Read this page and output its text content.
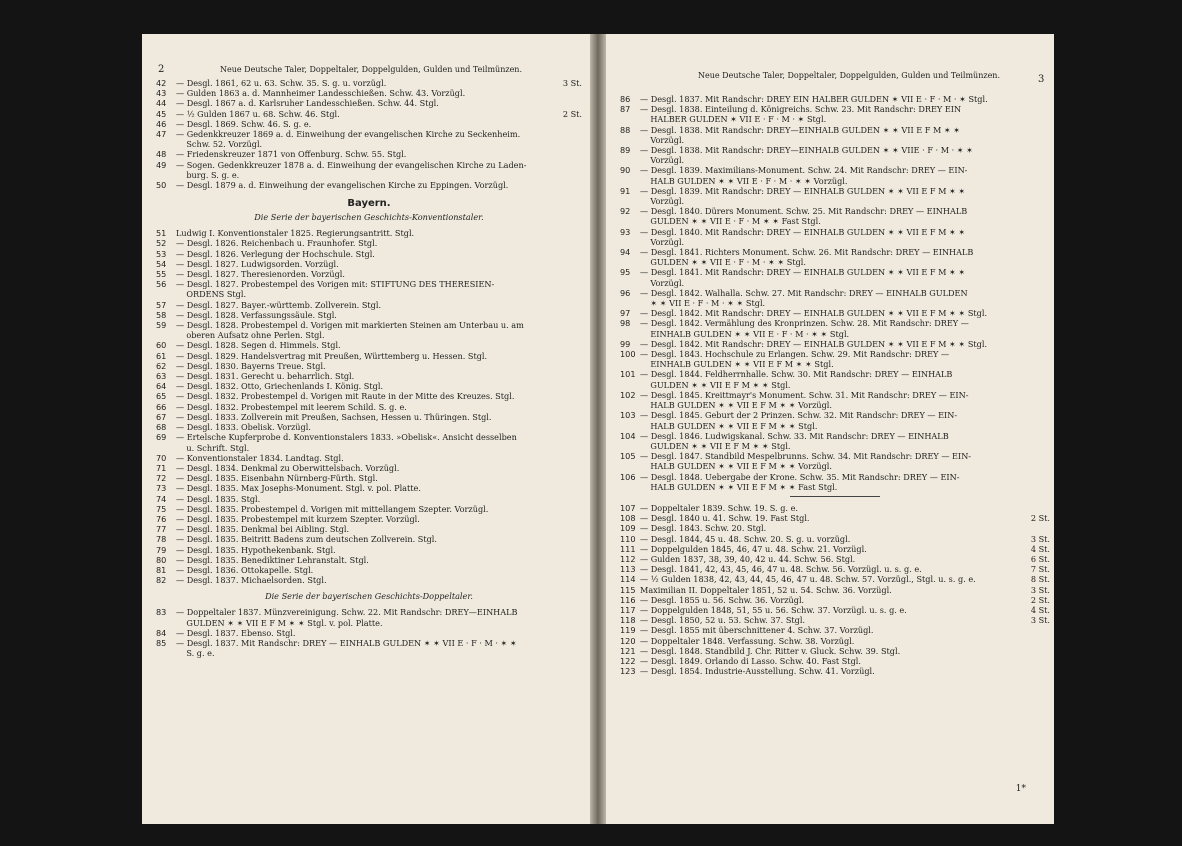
2	Neue Deutsche Taler, Doppeltaler, Doppelgulden, Gulden und Teilmünzen.
42	— Desgl. 1861, 62 u. 63. Schw. 35. S. g. u. vorzügl.	3 St.
43	— Gulden 1863 a. d. Mannheimer Landesschießen. Schw. 43. Vorzügl.
44	— Desgl. 1867 a. d. Karlsruher Landesschießen. Schw. 44. Stgl.
45	— ½ Gulden 1867 u. 68. Schw. 46. Stgl.	2 St.
46	— Desgl. 1869. Schw. 46. S. g. e.
47	— Gedenkkreuzer 1869 a. d. Einweihung der evangelischen Kirche zu Seckenheim.
Schw. 52. Vorzügl.
48	— Friedenskreuzer 1871 von Offenburg. Schw. 55. Stgl.
49	— Sogen. Gedenkkreuzer 1878 a. d. Einweihung der evangelischen Kirche zu Laden-
burg. S. g. e.
50	— Desgl. 1879 a. d. Einweihung der evangelischen Kirche zu Eppingen. Vorzügl.
Bayern.
Die Serie der bayerischen Geschichts-Konventionstaler.
51	Ludwig I. Konventionstaler 1825. Regierungsantritt. Stgl.
52	— Desgl. 1826. Reichenbach u. Fraunhofer. Stgl.
53	— Desgl. 1826. Verlegung der Hochschule. Stgl.
54	— Desgl. 1827. Ludwigsorden. Vorzügl.
55	— Desgl. 1827. Theresienorden. Vorzügl.
56	— Desgl. 1827. Probestempel des Vorigen mit: STIFTUNG DES THERESIEN-
ORDENS Stgl.
57	— Desgl. 1827. Bayer.-württemb. Zollverein. Stgl.
58	— Desgl. 1828. Verfassungssäule. Stgl.
59	— Desgl. 1828. Probestempel d. Vorigen mit markierten Steinen am Unterbau u. am
oberen Aufsatz ohne Perlen. Stgl.
60	— Desgl. 1828. Segen d. Himmels. Stgl.
61	— Desgl. 1829. Handelsvertrag mit Preußen, Württemberg u. Hessen. Stgl.
62	— Desgl. 1830. Bayerns Treue. Stgl.
63	— Desgl. 1831. Gerecht u. beharrlich. Stgl.
64	— Desgl. 1832. Otto, Griechenlands I. König. Stgl.
65	— Desgl. 1832. Probestempel d. Vorigen mit Raute in der Mitte des Kreuzes. Stgl.
66	— Desgl. 1832. Probestempel mit leerem Schild. S. g. e.
67	— Desgl. 1833. Zollverein mit Preußen, Sachsen, Hessen u. Thüringen. Stgl.
68	— Desgl. 1833. Obelisk. Vorzügl.
69	— Ertelsche Kupferprobe d. Konventionstalers 1833. »Obelisk«. Ansicht desselben
u. Schrift. Stgl.
70	— Konventionstaler 1834. Landtag. Stgl.
71	— Desgl. 1834. Denkmal zu Oberwittelsbach. Vorzügl.
72	— Desgl. 1835. Eisenbahn Nürnberg-Fürth. Stgl.
73	— Desgl. 1835. Max Josephs-Monument. Stgl. v. pol. Platte.
74	— Desgl. 1835. Stgl.
75	— Desgl. 1835. Probestempel d. Vorigen mit mittellangem Szepter. Vorzügl.
76	— Desgl. 1835. Probestempel mit kurzem Szepter. Vorzügl.
77	— Desgl. 1835. Denkmal bei Aibling. Stgl.
78	— Desgl. 1835. Beitritt Badens zum deutschen Zollverein. Stgl.
79	— Desgl. 1835. Hypothekenbank. Stgl.
80	— Desgl. 1835. Benediktiner Lehranstalt. Stgl.
81	— Desgl. 1836. Ottokapelle. Stgl.
82	— Desgl. 1837. Michaelsorden. Stgl.
Die Serie der bayerischen Geschichts-Doppeltaler.
83	— Doppeltaler 1837. Münzvereinigung. Schw. 22. Mit Randschr: DREY—EINHALB
GULDEN ✶ ✶ VII E F M ✶ ✶ Stgl. v. pol. Platte.
84	— Desgl. 1837. Ebenso. Stgl.
85	— Desgl. 1837. Mit Randschr: DREY — EINHALB GULDEN ✶ ✶ VII E · F · M · ✶ ✶
S. g. e.
Neue Deutsche Taler, Doppeltaler, Doppelgulden, Gulden und Teilmünzen.	3
86	— Desgl. 1837. Mit Randschr: DREY EIN HALBER GULDEN ✶ VII E · F · M · ✶ Stgl.
87	— Desgl. 1838. Einteilung d. Königreichs. Schw. 23. Mit Randschr: DREY EIN
HALBER GULDEN ✶ VII E · F · M · ✶ Stgl.
88	— Desgl. 1838. Mit Randschr: DREY—EINHALB GULDEN ✶ ✶ VII E F M ✶ ✶
Vorzügl.
89	— Desgl. 1838. Mit Randschr: DREY—EINHALB GULDEN ✶ ✶ VIIE · F · M · ✶ ✶
Vorzügl.
90	— Desgl. 1839. Maximilians-Monument. Schw. 24. Mit Randschr: DREY — EIN-
HALB GULDEN ✶ ✶ VII E · F · M · ✶ ✶ Vorzügl.
91	— Desgl. 1839. Mit Randschr: DREY — EINHALB GULDEN ✶ ✶ VII E F M ✶ ✶
Vorzügl.
92	— Desgl. 1840. Dürers Monument. Schw. 25. Mit Randschr: DREY — EINHALB
GULDEN ✶ ✶ VII E · F · M ✶ ✶ Fast Stgl.
93	— Desgl. 1840. Mit Randschr: DREY — EINHALB GULDEN ✶ ✶ VII E F M ✶ ✶
Vorzügl.
94	— Desgl. 1841. Richters Monument. Schw. 26. Mit Randschr: DREY — EINHALB
GULDEN ✶ ✶ VII E · F · M · ✶ ✶ Stgl.
95	— Desgl. 1841. Mit Randschr: DREY — EINHALB GULDEN ✶ ✶ VII E F M ✶ ✶
Vorzügl.
96	— Desgl. 1842. Walhalla. Schw. 27. Mit Randschr: DREY — EINHALB GULDEN
✶ ✶ VII E · F · M · ✶ ✶ Stgl.
97	— Desgl. 1842. Mit Randschr: DREY — EINHALB GULDEN ✶ ✶ VII E F M ✶ ✶ Stgl.
98	— Desgl. 1842. Vermählung des Kronprinzen. Schw. 28. Mit Randschr: DREY —
EINHALB GULDEN ✶ ✶ VII E · F · M · ✶ ✶ Stgl.
99	— Desgl. 1842. Mit Randschr: DREY — EINHALB GULDEN ✶ ✶ VII E F M ✶ ✶ Stgl.
100 — Desgl. 1843. Hochschule zu Erlangen. Schw. 29. Mit Randschr: DREY —
EINHALB GULDEN ✶ ✶ VII E F M ✶ ✶ Stgl.
101 — Desgl. 1844. Feldherrnhalle. Schw. 30. Mit Randschr: DREY — EINHALB
GULDEN ✶ ✶ VII E F M ✶ ✶ Stgl.
102 — Desgl. 1845. Kreittmayr's Monument. Schw. 31. Mit Randschr: DREY — EIN-
HALB GULDEN ✶ ✶ VII E F M ✶ ✶ Vorzügl.
103 — Desgl. 1845. Geburt der 2 Prinzen. Schw. 32. Mit Randschr: DREY — EIN-
HALB GULDEN ✶ ✶ VII E F M ✶ ✶ Stgl.
104 — Desgl. 1846. Ludwigskanal. Schw. 33. Mit Randschr: DREY — EINHALB
GULDEN ✶ ✶ VII E F M ✶ ✶ Stgl.
105 — Desgl. 1847. Standbild Mespelbrunns. Schw. 34. Mit Randschr: DREY — EIN-
HALB GULDEN ✶ ✶ VII E F M ✶ ✶ Vorzügl.
106 — Desgl. 1848. Uebergabe der Krone. Schw. 35. Mit Randschr: DREY — EIN-
HALB GULDEN ✶ ✶ VII E F M ✶ ✶ Fast Stgl.
107 — Doppeltaler 1839. Schw. 19. S. g. e.
108 — Desgl. 1840 u. 41. Schw. 19. Fast Stgl.	2 St.
109 — Desgl. 1843. Schw. 20. Stgl.
110 — Desgl. 1844, 45 u. 48. Schw. 20. S. g. u. vorzügl.	3 St.
111 — Doppelgulden 1845, 46, 47 u. 48. Schw. 21. Vorzügl.	4 St.
112 — Gulden 1837, 38, 39, 40, 42 u. 44. Schw. 56. Stgl.	6 St.
113 — Desgl. 1841, 42, 43, 45, 46, 47 u. 48. Schw. 56. Vorzügl. u. s. g. e.	7 St.
114 — ½ Gulden 1838, 42, 43, 44, 45, 46, 47 u. 48. Schw. 57. Vorzügl., Stgl. u. s. g. e.	8 St.
115 Maximilian II. Doppeltaler 1851, 52 u. 54. Schw. 36. Vorzügl.	3 St.
116 — Desgl. 1855 u. 56. Schw. 36. Vorzügl.	2 St.
117 — Doppelgulden 1848, 51, 55 u. 56. Schw. 37. Vorzügl. u. s. g. e.	4 St.
118 — Desgl. 1850, 52 u. 53. Schw. 37. Stgl.	3 St.
119 — Desgl. 1855 mit überschnittener 4. Schw. 37. Vorzügl.
120 — Doppeltaler 1848. Verfassung. Schw. 38. Vorzügl.
121 — Desgl. 1848. Standbild J. Chr. Ritter v. Gluck. Schw. 39. Stgl.
122 — Desgl. 1849. Orlando di Lasso. Schw. 40. Fast Stgl.
123 — Desgl. 1854. Industrie-Ausstellung. Schw. 41. Vorzügl.
1*
